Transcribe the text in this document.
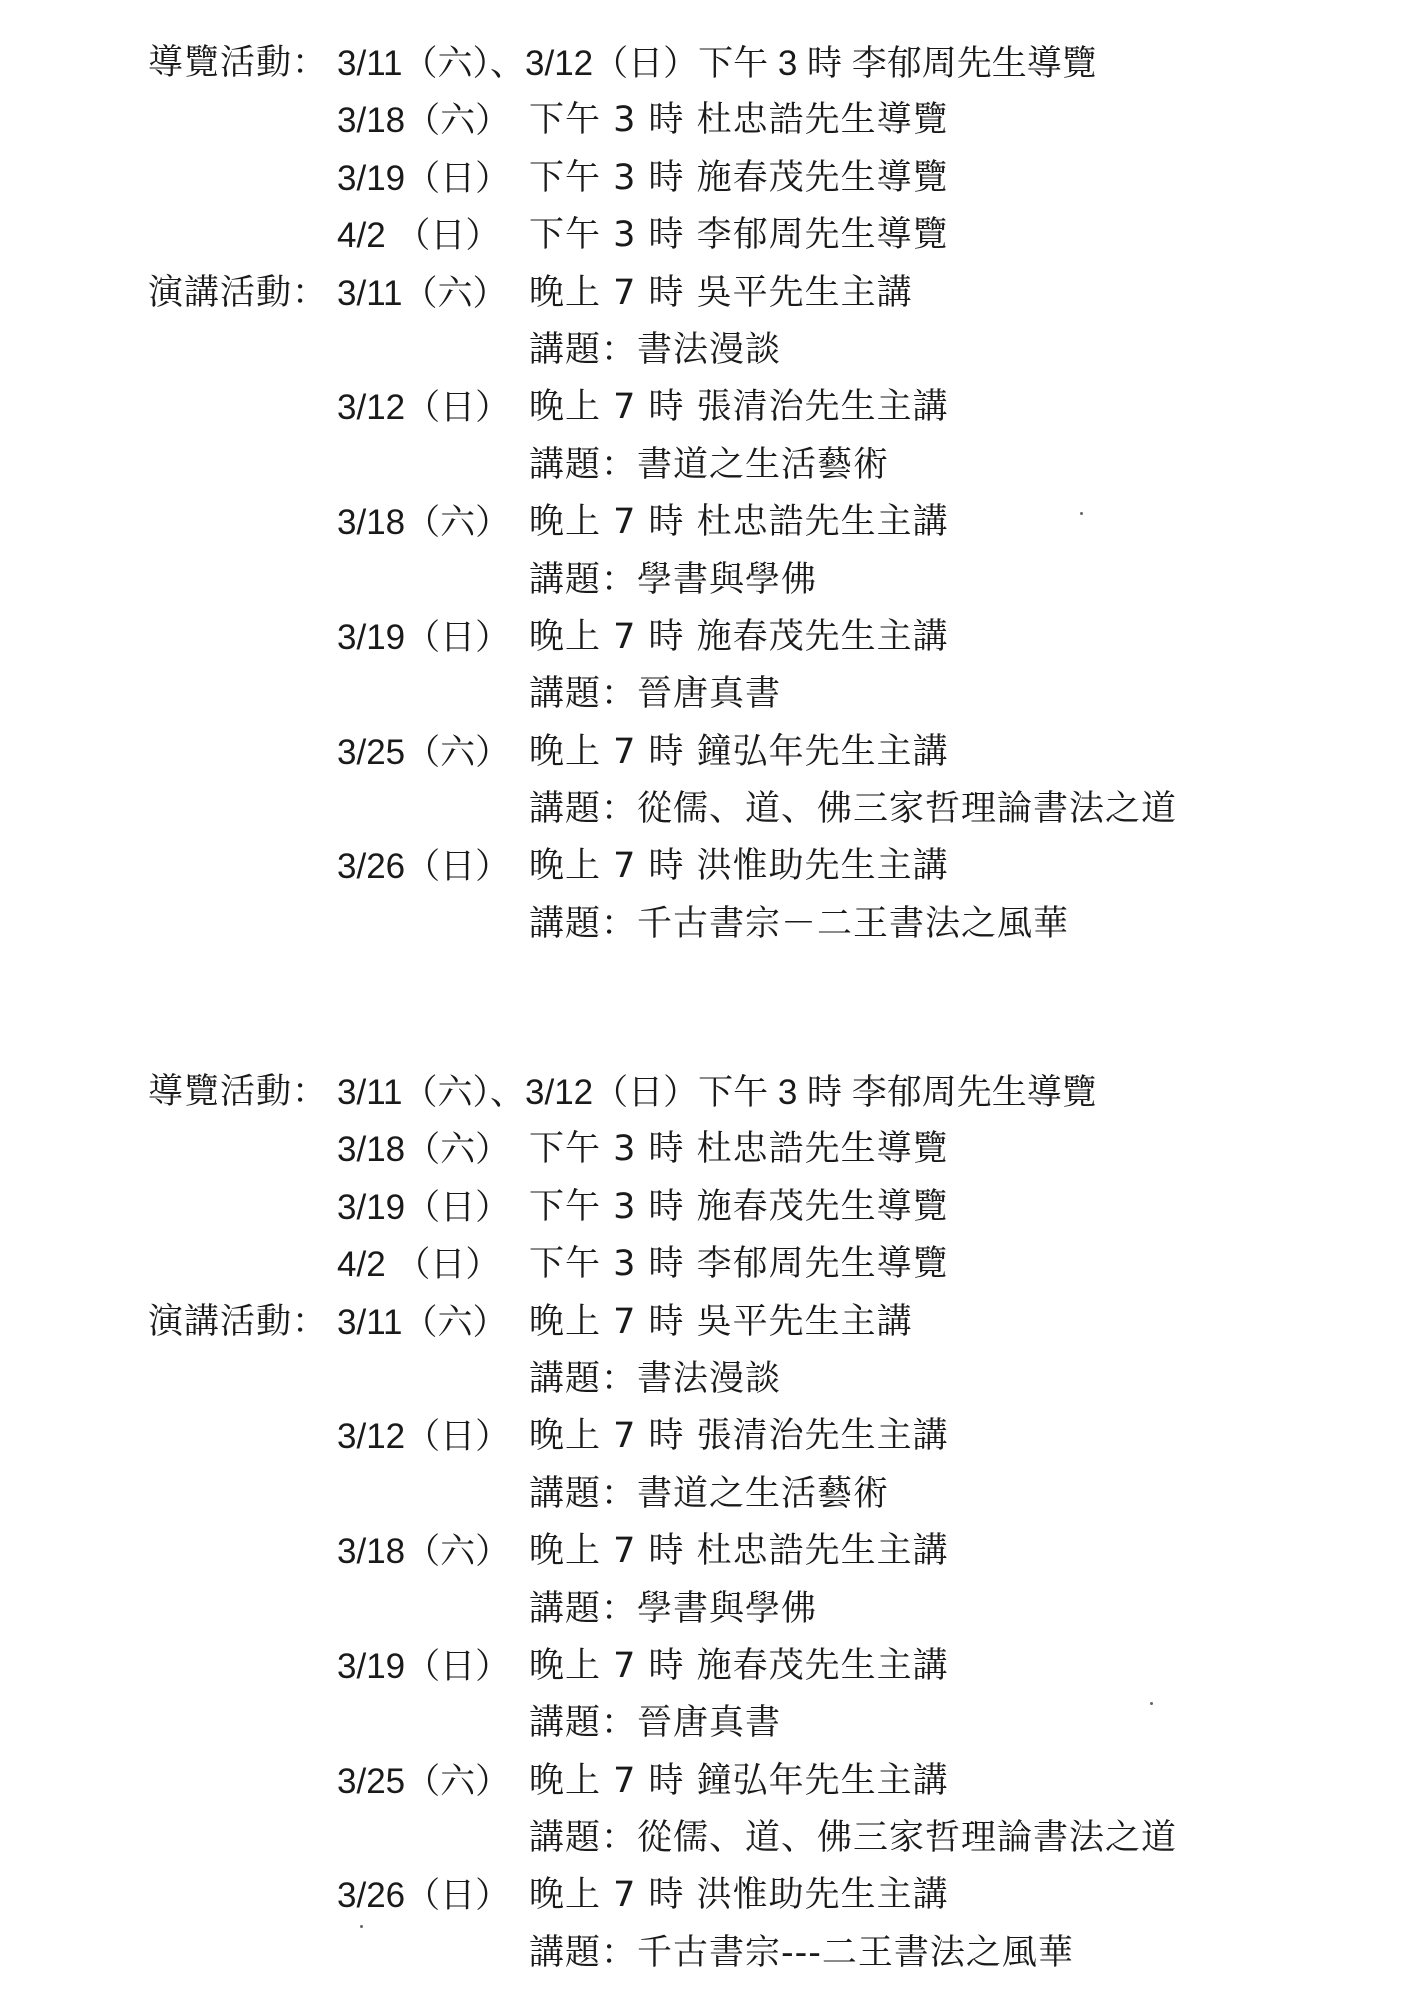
導覽活動： 3/11（六）、3/12（日）下午 3 時 李郁周先生導覽
3/18（六） 下午 3 時 杜忠誥先生導覽
3/19（日） 下午 3 時 施春茂先生導覽
4/2 （日） 下午 3 時 李郁周先生導覽
演講活動： 3/11（六） 晚上 7 時 吳平先生主講
講題：書法漫談
3/12（日） 晚上 7 時 張清治先生主講
講題：書道之生活藝術
3/18（六） 晚上 7 時 杜忠誥先生主講
講題：學書與學佛
3/19（日） 晚上 7 時 施春茂先生主講
講題：晉唐真書
3/25（六） 晚上 7 時 鐘弘年先生主講
講題：從儒、道、佛三家哲理論書法之道
3/26（日） 晚上 7 時 洪惟助先生主講
講題：千古書宗－二王書法之風華
導覽活動： 3/11（六）、3/12（日）下午 3 時 李郁周先生導覽
3/18（六） 下午 3 時 杜忠誥先生導覽
3/19（日） 下午 3 時 施春茂先生導覽
4/2 （日） 下午 3 時 李郁周先生導覽
演講活動： 3/11（六） 晚上 7 時 吳平先生主講
講題：書法漫談
3/12（日） 晚上 7 時 張清治先生主講
講題：書道之生活藝術
3/18（六） 晚上 7 時 杜忠誥先生主講
講題：學書與學佛
3/19（日） 晚上 7 時 施春茂先生主講
講題：晉唐真書
3/25（六） 晚上 7 時 鐘弘年先生主講
講題：從儒、道、佛三家哲理論書法之道
3/26（日） 晚上 7 時 洪惟助先生主講
講題：千古書宗---二王書法之風華
